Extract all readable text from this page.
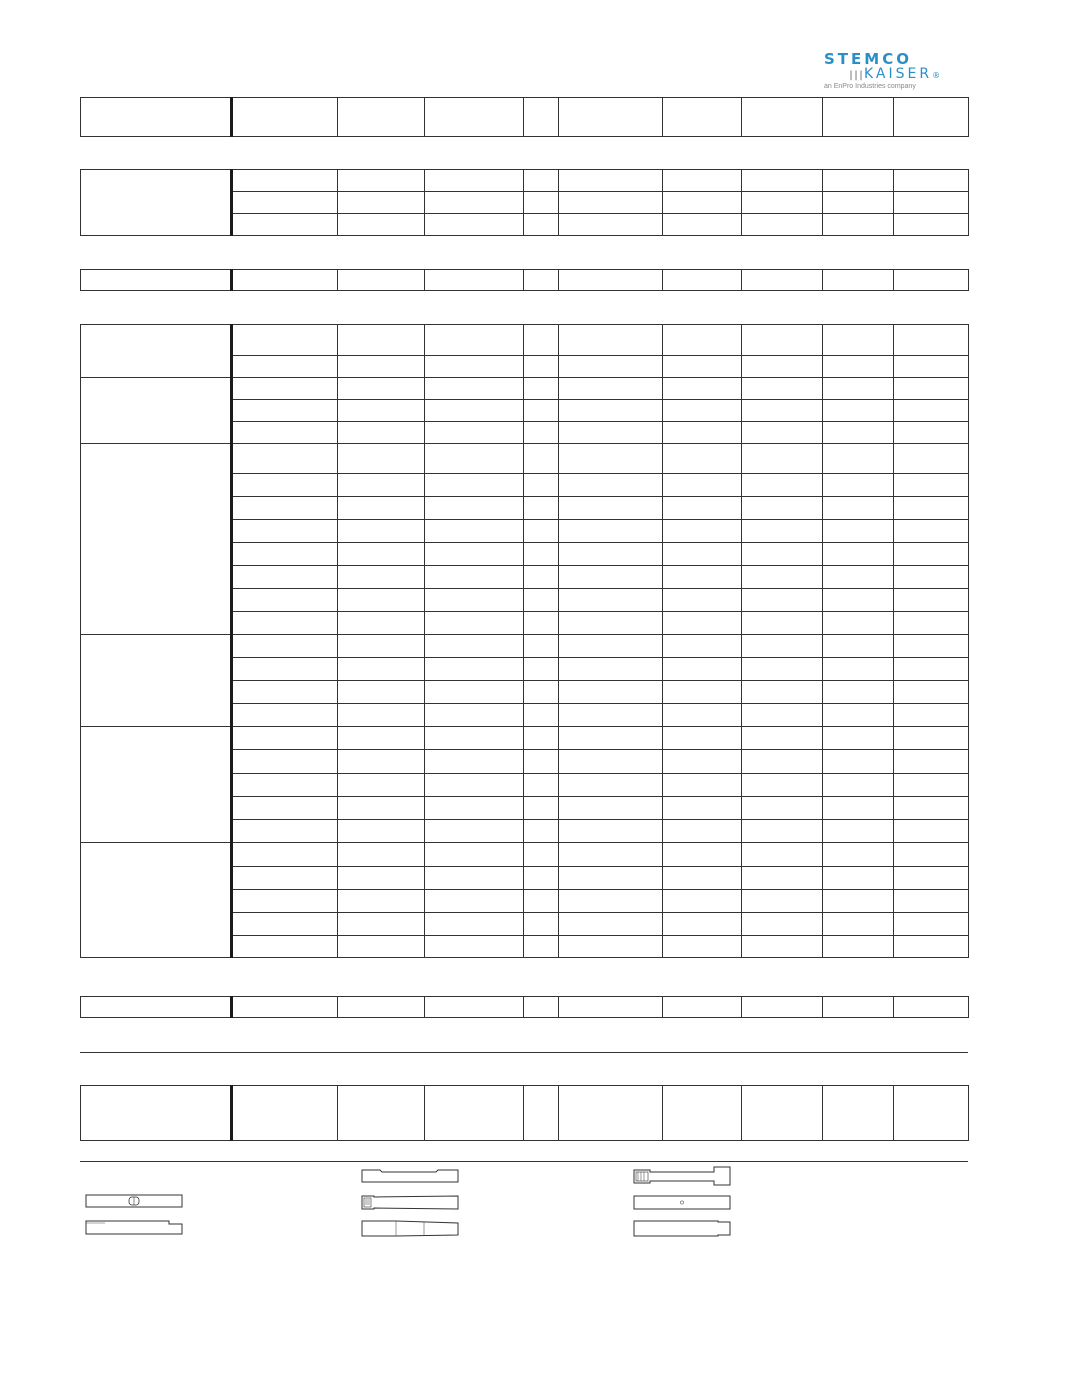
STEMCO
||| KAISER®
an EnPro Industries company
